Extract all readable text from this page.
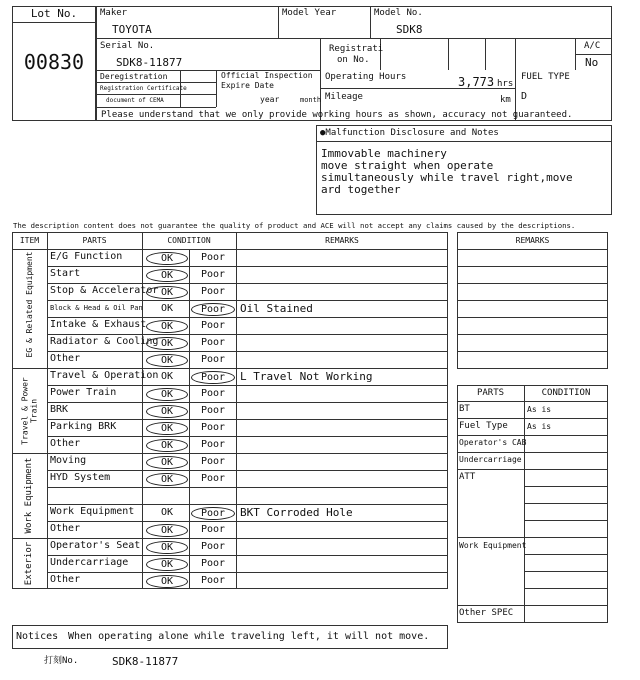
Lot No.
00830
Maker
TOYOTA
Model Year	Model No.
SDK8
Serial No.
SDK8-11877
Registrati
on No.
A/C
No
Deregistration
Registration Certificate
document of CEMA
Official Inspection
Expire Date
year	month
Operating Hours	3,773 hrs
Mileage	km
FUEL TYPE
D
Please understand that we only provide working hours as shown, accuracy not guaranteed.
●Malfunction Disclosure and Notes
Immovable machinery
move straight when operate
simultaneously while travel right,move
ard together
The description content does not guarantee the quality of product and ACE will not accept any claims caused by the descriptions.
ITEM	PARTS	CONDITION	REMARKS
EG & Related Equipment E/G Function	OK	Poor
Start	OK	Poor
Stop & Accelerator OK	Poor
Block & Head & Oil Pan	OK	Poor	Oil Stained
Intake & Exhaust	OK	Poor
Radiator & Cooling OK	Poor
Other	OK	Poor
Travel & Power Train
Travel & Operation OK	Poor	L Travel Not Working
Power Train	OK	Poor
BRK	OK	Poor
Parking BRK	OK	Poor
Other	OK	Poor
Work Equipment Moving	OK	Poor
HYD System	OK	Poor
Work Equipment	OK	Poor	BKT Corroded Hole
Other	OK	Poor
Exterior Operator's Seat	OK	Poor
Undercarriage	OK	Poor
Other	OK	Poor
REMARKS
PARTS	CONDITION
BT	As is
Fuel Type As is
Operator's CAB
Undercarriage
ATT
Work Equipment
Other SPEC
Notices When operating alone while traveling left, it will not move.
打刻No.	SDK8-11877
